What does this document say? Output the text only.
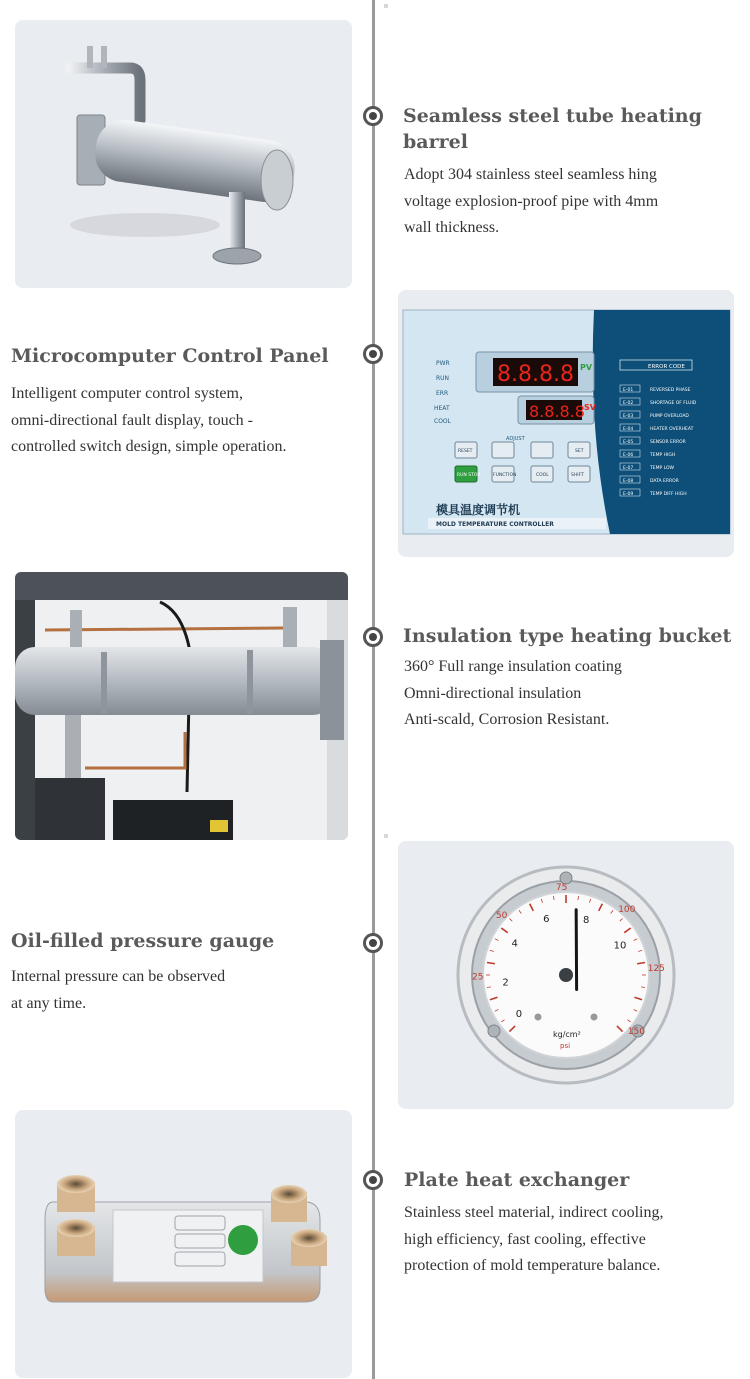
Seamless steel tube heating barrel
Adopt 304 stainless steel seamless hing
voltage explosion-proof pipe with 4mm
wall thickness.
Microcomputer Control Panel
Intelligent computer control system,
omni-directional fault display, touch -
controlled switch design, simple operation.
PWR
RUN
ERR
HEAT
COOL
8.8.8.8 PV
8.8.8.8 SV
ADJUST
RESET	SET
RUN STOP	FUNCTION	COOL	SHIFT
模具温度调节机
MOLD TEMPERATURE CONTROLLER
ERROR CODE
E-01	REVERSED PHASE
E-02	SHORTAGE OF FLUID
E-03	PUMP OVERLOAD
E-04	HEATER OVERHEAT
E-05	SENSOR ERROR
E-06	TEMP HIGH
E-07	TEMP LOW
E-08	DATA ERROR
E-09	TEMP DIFF HIGH
Insulation type heating bucket
360° Full range insulation coating
Omni-directional insulation
Anti-scald, Corrosion Resistant.
Oil-filled pressure gauge
Internal pressure can be observed
at any time.
0
2
4
6	8
10
25
50
75
100
125
150
kg/cm²
psi
Plate heat exchanger
Stainless steel material, indirect cooling,
high efficiency, fast cooling, effective
protection of mold temperature balance.
